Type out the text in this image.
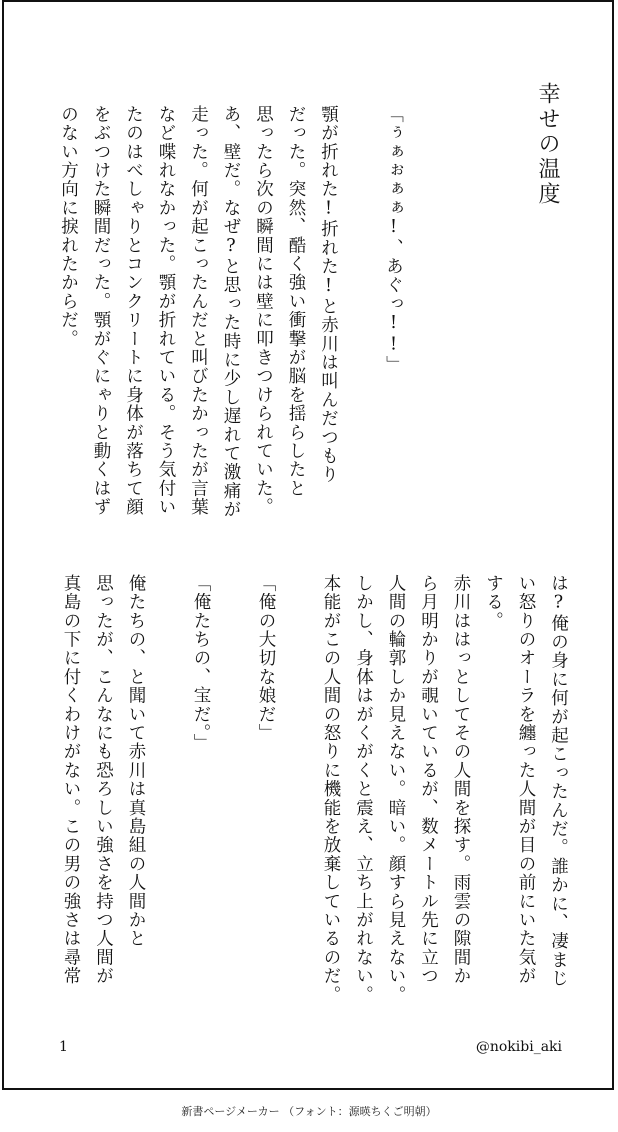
幸せの温度
「ぅぁぉぁぁ!、あぐっ!!」
顎が折れた!折れた!と赤川は叫んだつもり
だった。突然、酷く強い衝撃が脳を揺らしたと
思ったら次の瞬間には壁に叩きつけられていた。
あ、壁だ。なぜ?と思った時に少し遅れて激痛が
走った。何が起こったんだと叫びたかったが言葉
など喋れなかった。顎が折れている。そう気付い
たのはべしゃりとコンクリートに身体が落ちて顔
をぶつけた瞬間だった。顎がぐにゃりと動くはず
のない方向に捩れたからだ。
は?俺の身に何が起こったんだ。誰かに、凄まじ
い怒りのオーラを纏った人間が目の前にいた気が
する。
赤川ははっとしてその人間を探す。雨雲の隙間か
ら月明かりが覗いているが、数メートル先に立つ
人間の輪郭しか見えない。暗い。顔すら見えない。
しかし、身体はがくがくと震え、立ち上がれない。
本能がこの人間の怒りに機能を放棄しているのだ。
「俺の大切な娘だ」
「俺たちの、宝だ。」
俺たちの、と聞いて赤川は真島組の人間かと
思ったが、こんなにも恐ろしい強さを持つ人間が
真島の下に付くわけがない。この男の強さは尋常
1	@nokibi_aki
新書ページメーカー （フォント：源暎ちくご明朝）
